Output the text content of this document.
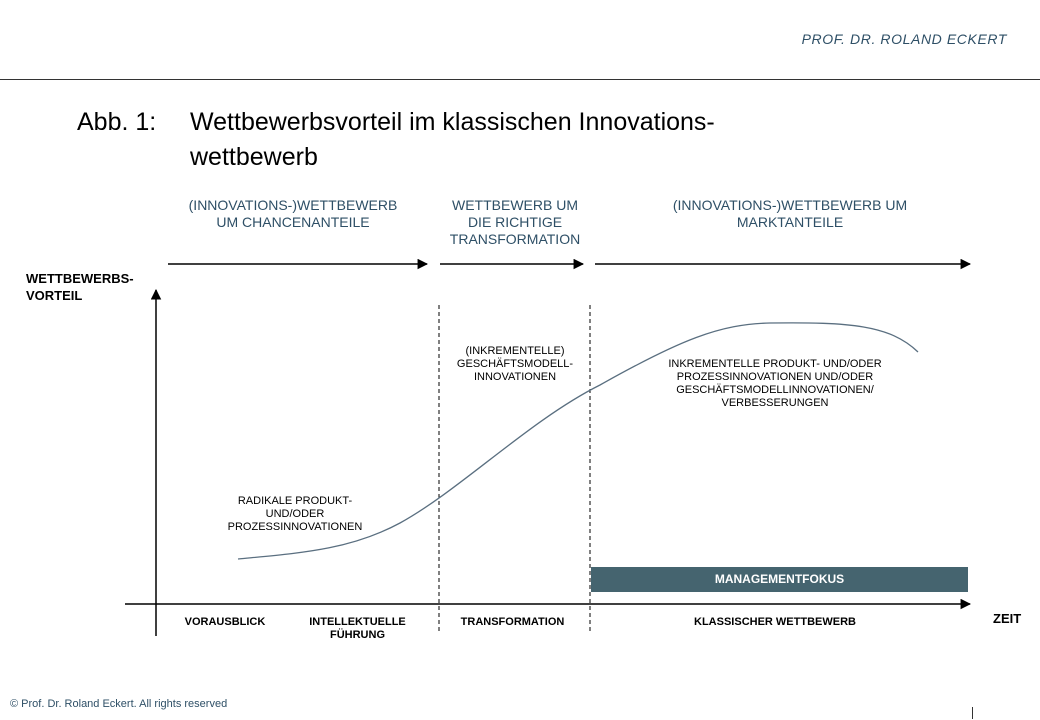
PROF. DR. ROLAND ECKERT
Abb. 1: Wettbewerbsvorteil im klassischen Innovations-
wettbewerb
(INNOVATIONS-)WETTBEWERB
UM CHANCENANTEILE
WETTBEWERB UM
DIE RICHTIGE
TRANSFORMATION
(INNOVATIONS-)WETTBEWERB UM
MARKTANTEILE
WETTBEWERBS-
VORTEIL
ZEIT
RADIKALE PRODUKT-
UND/ODER
PROZESSINNOVATIONEN
(INKREMENTELLE)
GESCHÄFTSMODELL-
INNOVATIONEN
INKREMENTELLE PRODUKT- UND/ODER
PROZESSINNOVATIONEN UND/ODER
GESCHÄFTSMODELLINNOVATIONEN/
VERBESSERUNGEN
MANAGEMENTFOKUS
VORAUSBLICK	INTELLEKTUELLE
FÜHRUNG
TRANSFORMATION	KLASSISCHER WETTBEWERB
© Prof. Dr. Roland Eckert. All rights reserved
